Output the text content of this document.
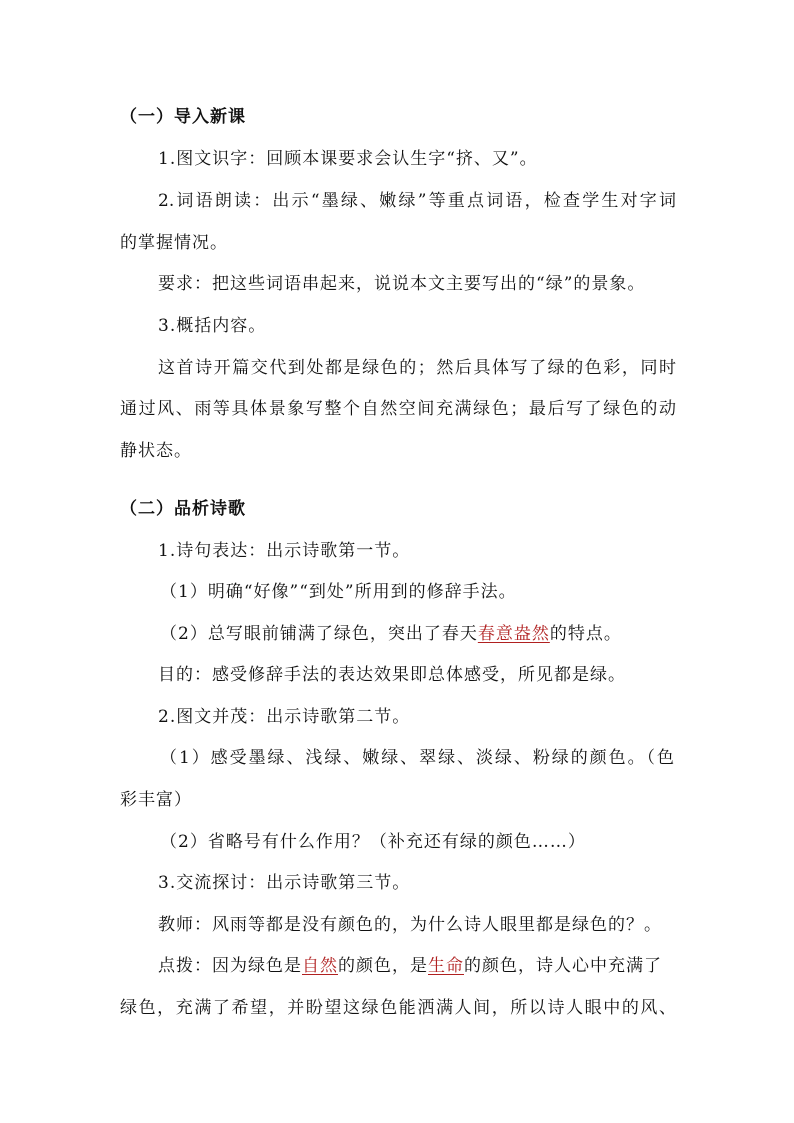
（一）导入新课
1.图文识字：回顾本课要求会认生字“挤、又”。
2.词语朗读：出示“墨绿、嫩绿”等重点词语，检查学生对字词
的掌握情况。
要求：把这些词语串起来，说说本文主要写出的“绿”的景象。
3.概括内容。
这首诗开篇交代到处都是绿色的；然后具体写了绿的色彩，同时
通过风、雨等具体景象写整个自然空间充满绿色；最后写了绿色的动
静状态。
（二）品析诗歌
1.诗句表达：出示诗歌第一节。
（1）明确“好像”“到处”所用到的修辞手法。
（2）总写眼前铺满了绿色，突出了春天春意盎然的特点。
目的：感受修辞手法的表达效果即总体感受，所见都是绿。
2.图文并茂：出示诗歌第二节。
（1）感受墨绿、浅绿、嫩绿、翠绿、淡绿、粉绿的颜色。（色
彩丰富）
（2）省略号有什么作用？（补充还有绿的颜色……）
3.交流探讨：出示诗歌第三节。
教师：风雨等都是没有颜色的，为什么诗人眼里都是绿色的？。
点拨：因为绿色是自然的颜色，是生命的颜色，诗人心中充满了
绿色，充满了希望，并盼望这绿色能洒满人间，所以诗人眼中的风、
